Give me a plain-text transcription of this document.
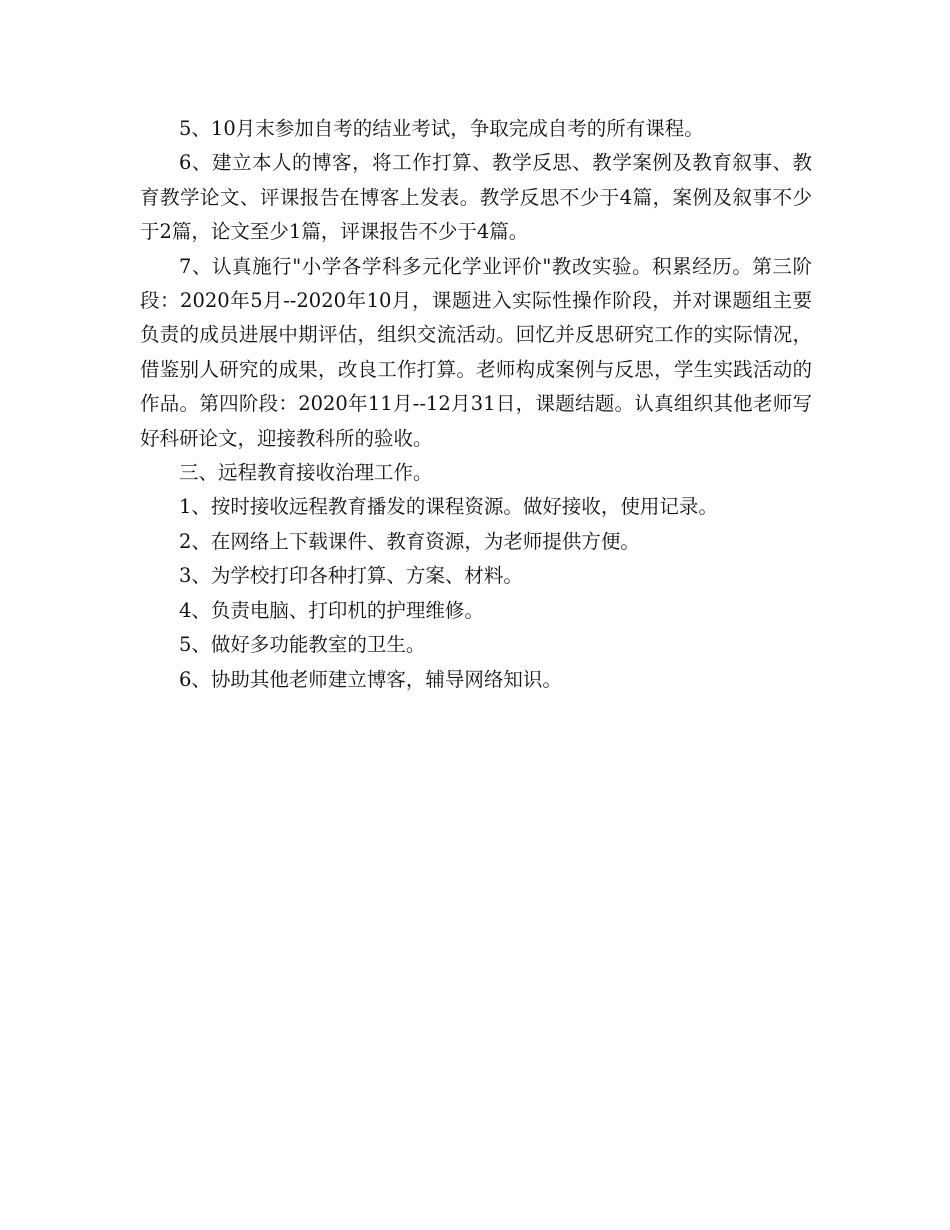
5、10月末参加自考的结业考试，争取完成自考的所有课程。

6、建立本人的博客，将工作打算、教学反思、教学案例及教育叙事、教育教学论文、评课报告在博客上发表。教学反思不少于4篇，案例及叙事不少于2篇，论文至少1篇，评课报告不少于4篇。

7、认真施行"小学各学科多元化学业评价"教改实验。积累经历。第三阶段：2020年5月--2020年10月，课题进入实际性操作阶段，并对课题组主要负责的成员进展中期评估，组织交流活动。回忆并反思研究工作的实际情况，借鉴别人研究的成果，改良工作打算。老师构成案例与反思，学生实践活动的作品。第四阶段：2020年11月--12月31日，课题结题。认真组织其他老师写好科研论文，迎接教科所的验收。

三、远程教育接收治理工作。

1、按时接收远程教育播发的课程资源。做好接收，使用记录。

2、在网络上下载课件、教育资源，为老师提供方便。

3、为学校打印各种打算、方案、材料。

4、负责电脑、打印机的护理维修。

5、做好多功能教室的卫生。

6、协助其他老师建立博客，辅导网络知识。
